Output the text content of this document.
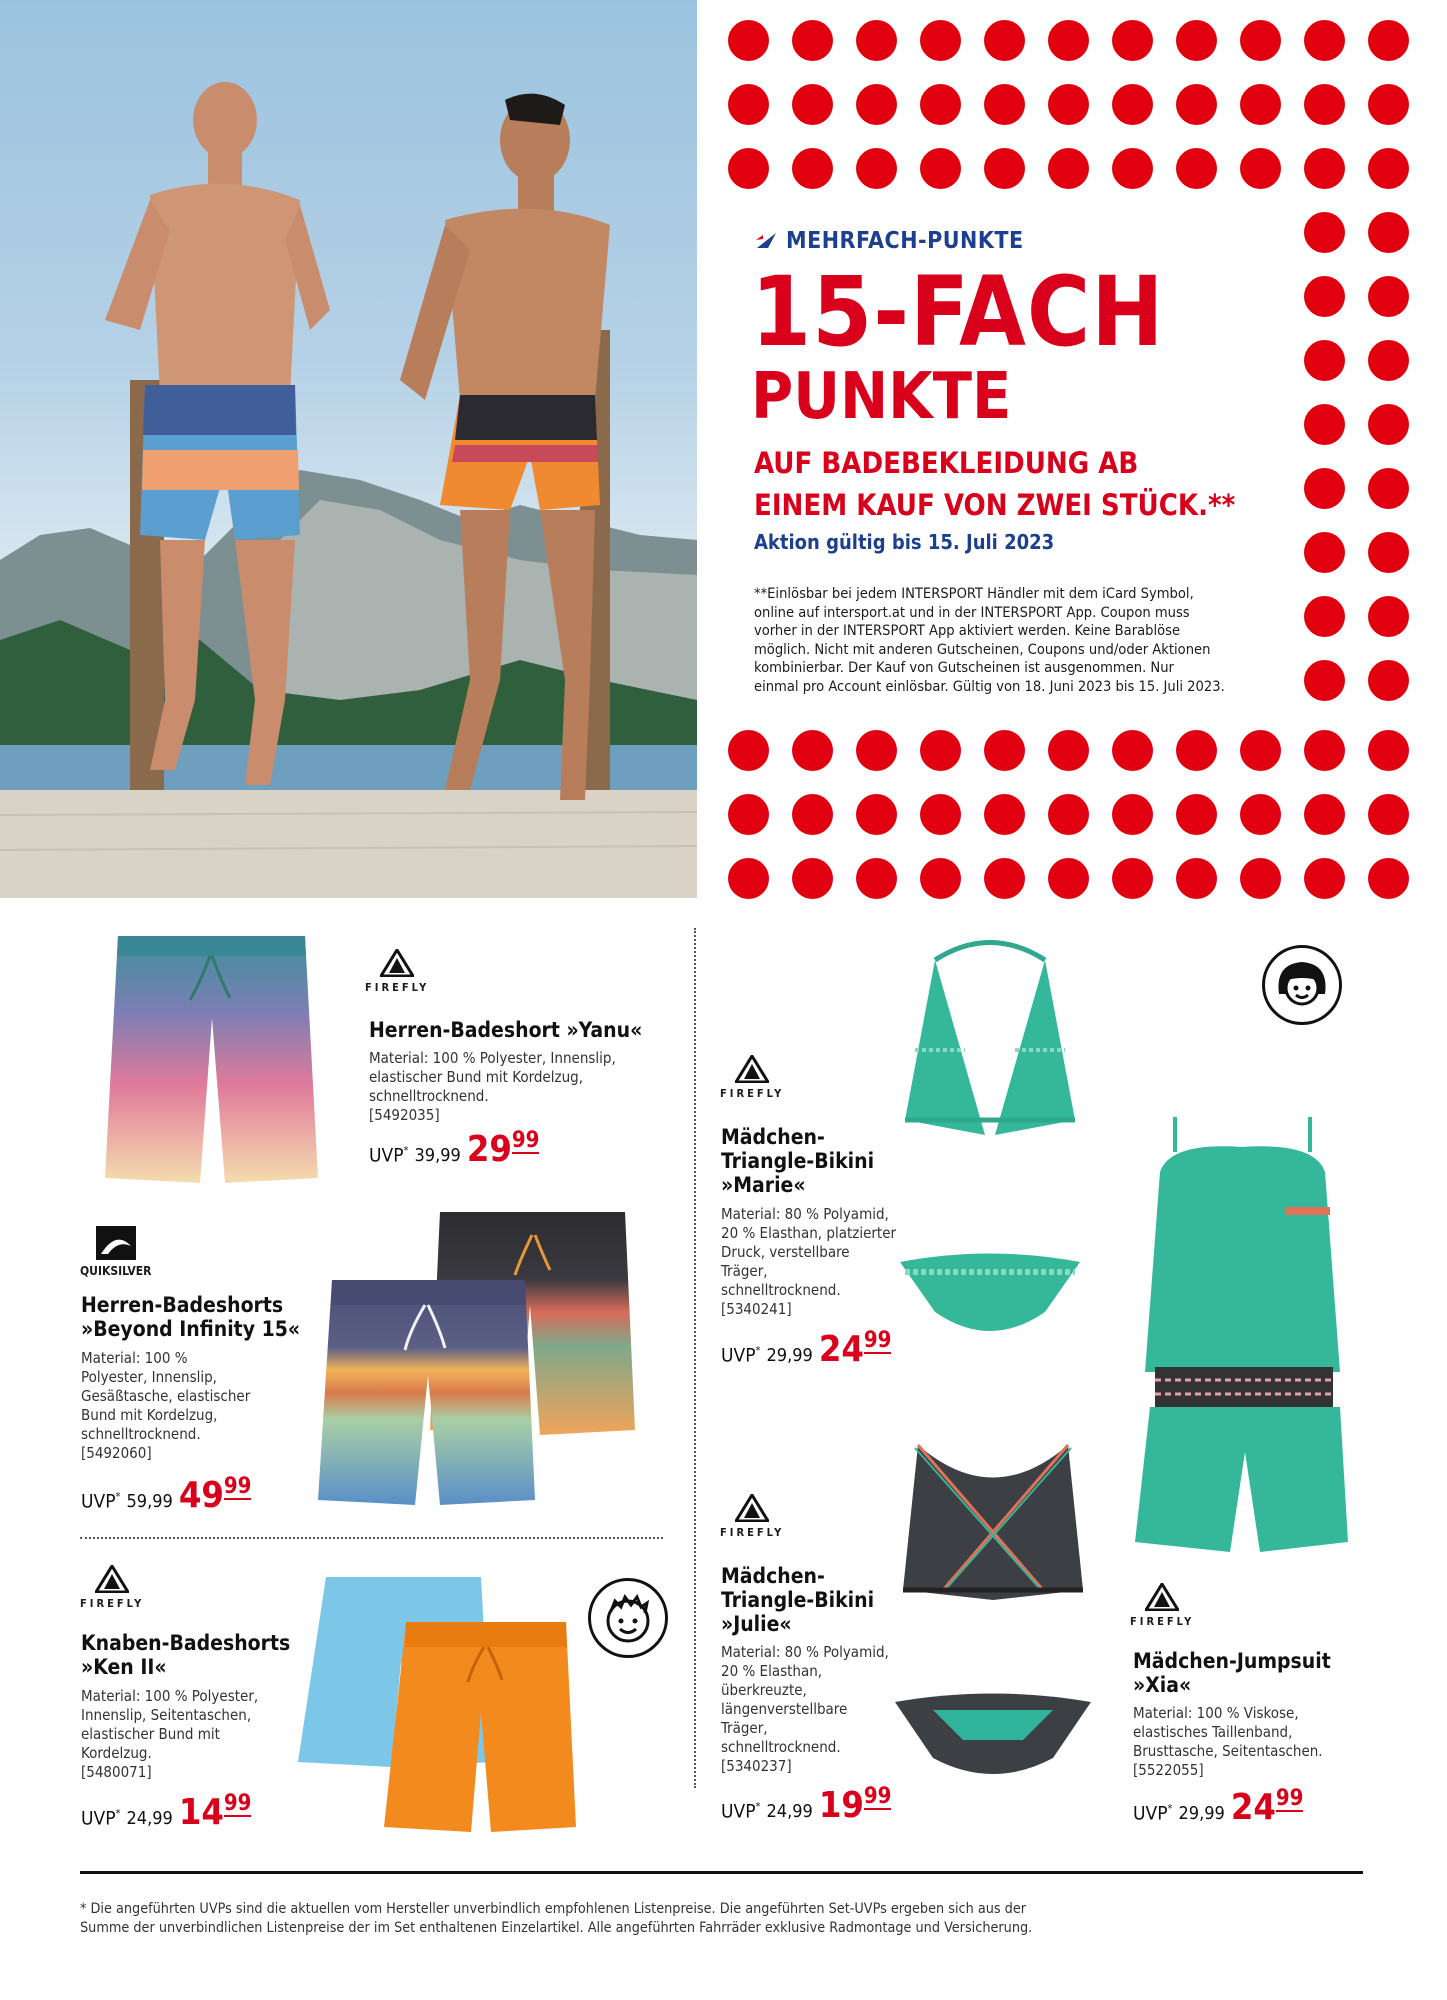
MEHRFACH-PUNKTE
15-FACH
PUNKTE
AUF BADEBEKLEIDUNG AB
EINEM KAUF VON ZWEI STÜCK.**
Aktion gültig bis 15. Juli 2023
**Einlösbar bei jedem INTERSPORT Händler mit dem iCard Symbol,
online auf intersport.at und in der INTERSPORT App. Coupon muss
vorher in der INTERSPORT App aktiviert werden. Keine Barablöse
möglich. Nicht mit anderen Gutscheinen, Coupons und/oder Aktionen
kombinierbar. Der Kauf von Gutscheinen ist ausgenommen. Nur
einmal pro Account einlösbar. Gültig von 18. Juni 2023 bis 15. Juli 2023.
FIREFLY
Herren-Badeshort »Yanu«
Material: 100 % Polyester, Innenslip,
elastischer Bund mit Kordelzug,
schnelltrocknend.
[5492035]
UVP* 39,99 29 99
QUIKSILVER
Herren-Badeshorts
»Beyond Infinity 15«
Material: 100 %
Polyester, Innenslip,
Gesäßtasche, elastischer
Bund mit Kordelzug,
schnelltrocknend.
[5492060]
UVP* 59,99 49 99
FIREFLY
Knaben-Badeshorts
»Ken II«
Material: 100 % Polyester,
Innenslip, Seitentaschen,
elastischer Bund mit
Kordelzug.
[5480071]
UVP* 24,99 14 99
FIREFLY
Mädchen-
Triangle-Bikini
»Marie«
Material: 80 % Polyamid,
20 % Elasthan, platzierter
Druck, verstellbare
Träger,
schnelltrocknend.
[5340241]
UVP* 29,99 24 99
FIREFLY
Mädchen-
Triangle-Bikini
»Julie«
Material: 80 % Polyamid,
20 % Elasthan,
überkreuzte,
längenverstellbare
Träger,
schnelltrocknend.
[5340237]
UVP* 24,99 19 99
FIREFLY
Mädchen-Jumpsuit
»Xia«
Material: 100 % Viskose,
elastisches Taillenband,
Brusttasche, Seitentaschen.
[5522055]
UVP* 29,99 24 99
* Die angeführten UVPs sind die aktuellen vom Hersteller unverbindlich empfohlenen Listenpreise. Die angeführten Set-UVPs ergeben sich aus der
Summe der unverbindlichen Listenpreise der im Set enthaltenen Einzelartikel. Alle angeführten Fahrräder exklusive Radmontage und Versicherung.
